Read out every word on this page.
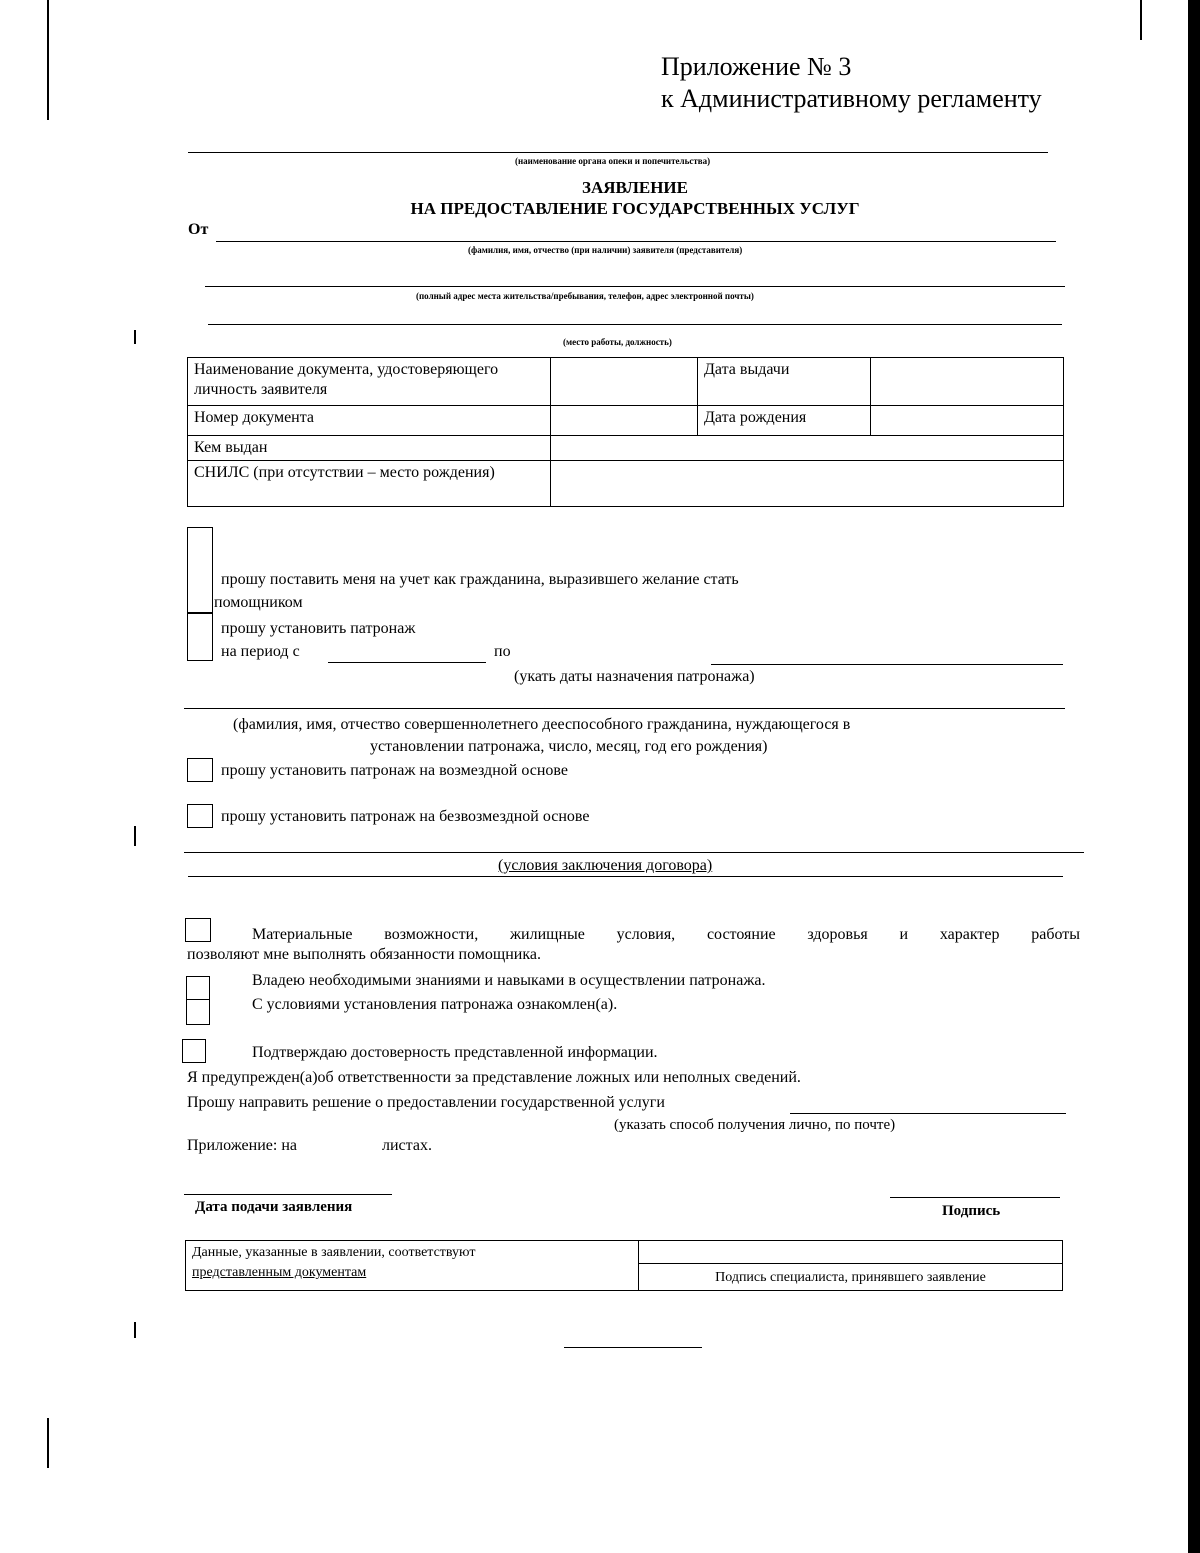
Приложение № 3
к Административному регламенту
(наименование органа опеки и попечительства)
ЗАЯВЛЕНИЕ
НА ПРЕДОСТАВЛЕНИЕ ГОСУДАРСТВЕННЫХ УСЛУГ
От
(фамилия, имя, отчество (при наличии) заявителя (представителя)
(полный адрес места жительства/пребывания, телефон, адрес электронной почты)
(место работы, должность)
Наименование документа, удостоверяющего личность заявителя		Дата выдачи	
Номер документа		Дата рождения	
Кем выдан			
СНИЛС (при отсутствии – место рождения)			
прошу поставить меня на учет как гражданина, выразившего желание стать
помощником
прошу установить патронаж
на период с	по
(укать даты назначения патронажа)
(фамилия, имя, отчество совершеннолетнего дееспособного гражданина, нуждающегося в
установлении патронажа, число, месяц, год его рождения)
прошу установить патронаж на возмездной основе
прошу установить патронаж на безвозмездной основе
(условия заключения договора)
Материальные возможности, жилищные условия, состояние здоровья и характер работы
позволяют мне выполнять обязанности помощника.
Владею необходимыми знаниями и навыками в осуществлении патронажа.
С условиями установления патронажа ознакомлен(а).
Подтверждаю достоверность представленной информации.
Я предупрежден(а)об ответственности за представление ложных или неполных сведений.
Прошу направить решение о предоставлении государственной услуги
(указать способ получения лично, по почте)
Приложение: на	листах.
Дата подачи заявления	Подпись
Данные, указанные в заявлении, соответствуют
представленным документам	
Подпись специалиста, принявшего заявление
